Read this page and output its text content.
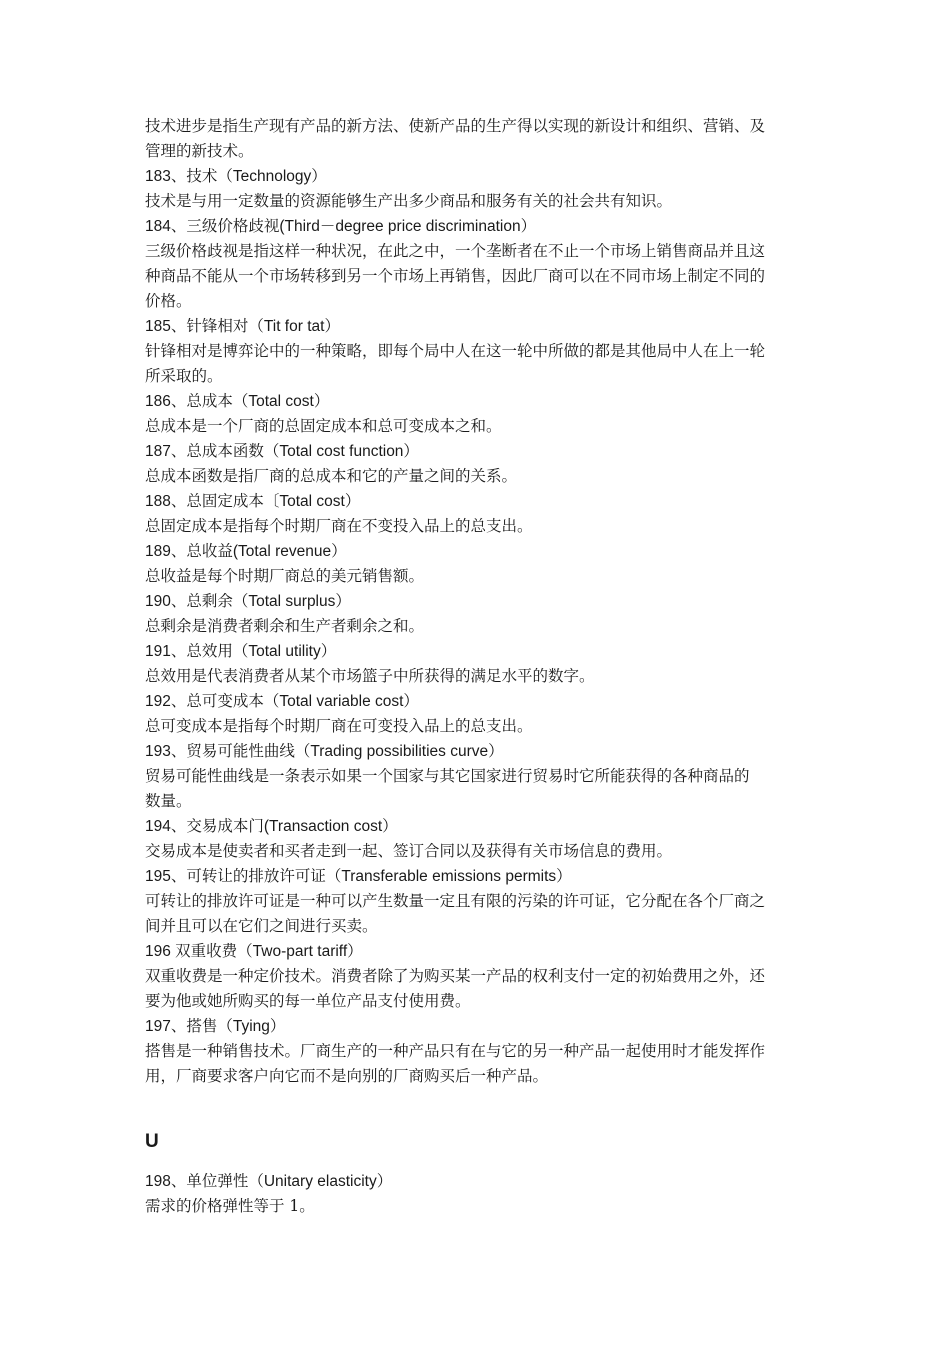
技术进步是指生产现有产品的新方法、使新产品的生产得以实现的新设计和组织、营销、及

管理的新技术。

183、技术（Technology）

技术是与用一定数量的资源能够生产出多少商品和服务有关的社会共有知识。

184、三级价格歧视(Third－degree price discrimination）

三级价格歧视是指这样一种状况，在此之中，一个垄断者在不止一个市场上销售商品并且这

种商品不能从一个市场转移到另一个市场上再销售，因此厂商可以在不同市场上制定不同的

价格。

185、针锋相对（Tit for tat）

针锋相对是博弈论中的一种策略，即每个局中人在这一轮中所做的都是其他局中人在上一轮

所采取的。

186、总成本（Total cost）

总成本是一个厂商的总固定成本和总可变成本之和。

187、总成本函数（Total cost function）

总成本函数是指厂商的总成本和它的产量之间的关系。

188、总固定成本〔Total cost）

总固定成本是指每个时期厂商在不变投入品上的总支出。

189、总收益(Total revenue）

总收益是每个时期厂商总的美元销售额。

190、总剩余（Total surplus）

总剩余是消费者剩余和生产者剩余之和。

191、总效用（Total utility）

总效用是代表消费者从某个市场篮子中所获得的满足水平的数字。

192、总可变成本（Total variable cost）

总可变成本是指每个时期厂商在可变投入品上的总支出。

193、贸易可能性曲线（Trading possibilities curve）

贸易可能性曲线是一条表示如果一个国家与其它国家进行贸易时它所能获得的各种商品的

数量。

194、交易成本门(Transaction cost）

交易成本是使卖者和买者走到一起、签订合同以及获得有关市场信息的费用。

195、可转让的排放许可证（Transferable emissions permits）

可转让的排放许可证是一种可以产生数量一定且有限的污染的许可证，它分配在各个厂商之

间并且可以在它们之间进行买卖。

196 双重收费（Two-part tariff）

双重收费是一种定价技术。消费者除了为购买某一产品的权利支付一定的初始费用之外，还

要为他或她所购买的每一单位产品支付使用费。

197、搭售（Tying）

搭售是一种销售技术。厂商生产的一种产品只有在与它的另一种产品一起使用时才能发挥作

用，厂商要求客户向它而不是向别的厂商购买后一种产品。

U

198、单位弹性（Unitary elasticity）

需求的价格弹性等于 1。
